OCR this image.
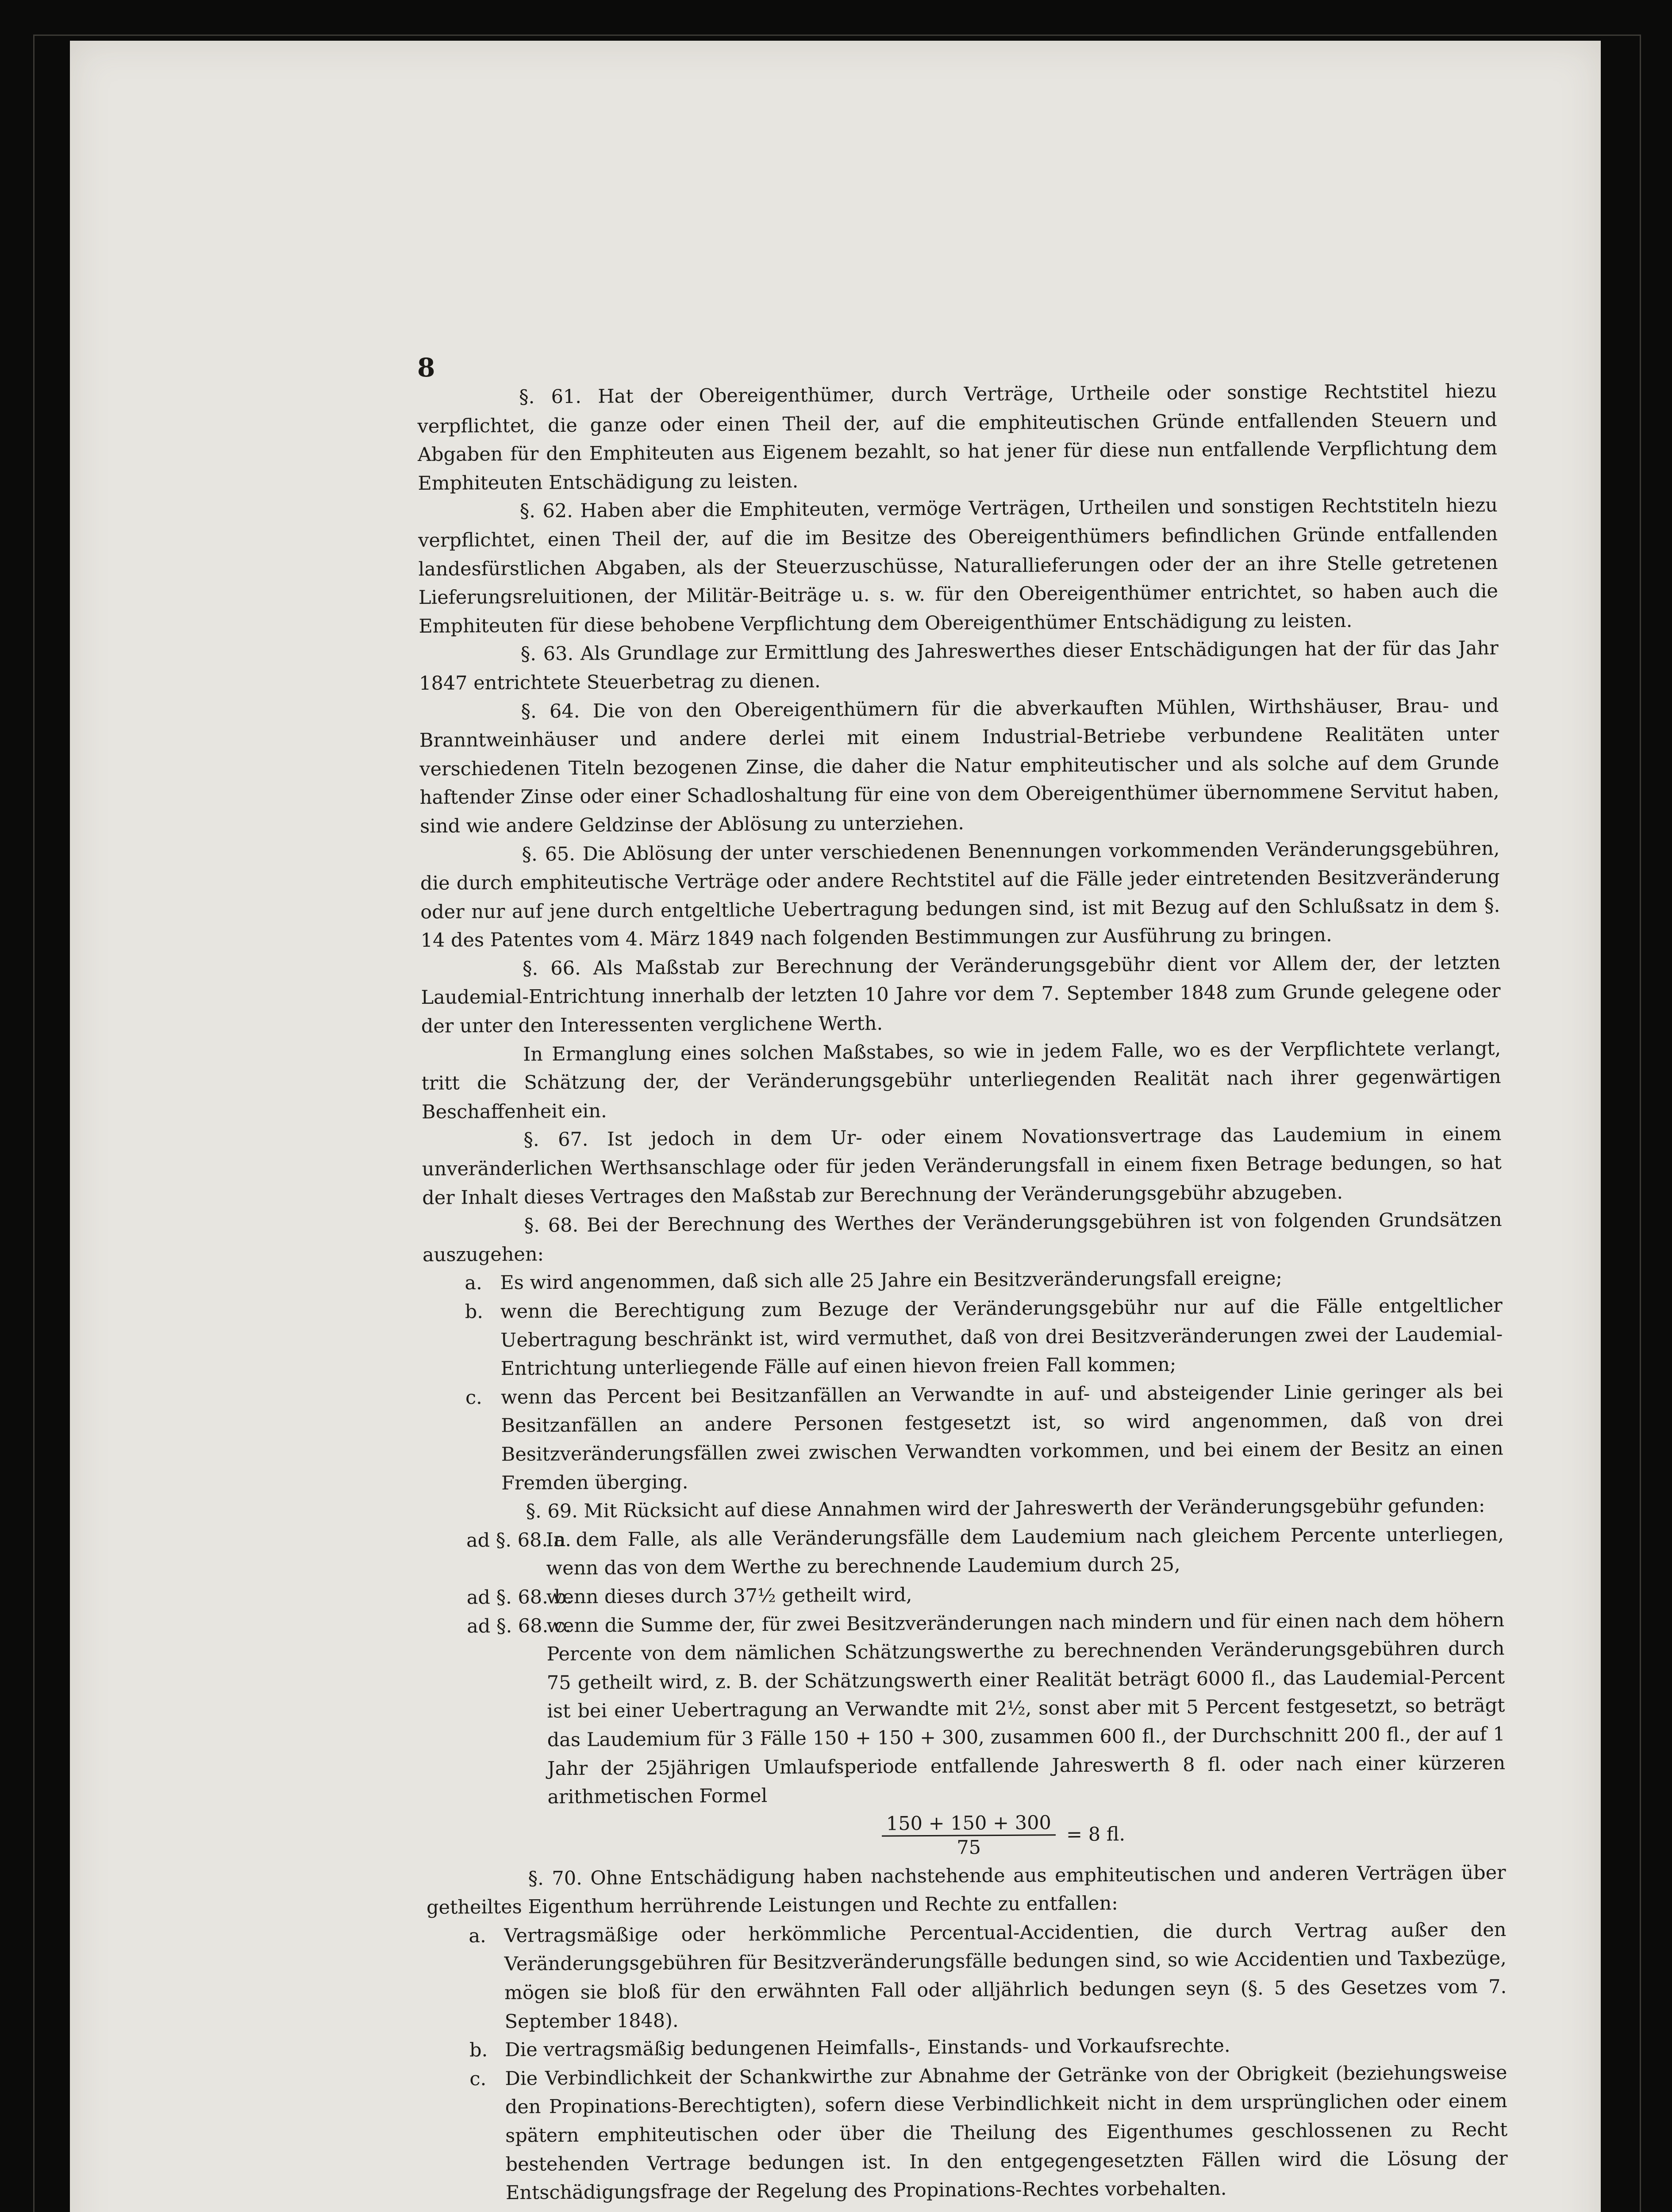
8

§. 61. Hat der Obereigenthümer, durch Verträge, Urtheile oder sonstige Rechtstitel hiezu verpflichtet, die ganze oder einen Theil der, auf die emphiteutischen Gründe entfallenden Steuern und Abgaben für den Emphiteuten aus Eigenem bezahlt, so hat jener für diese nun entfallende Verpflichtung dem Emphiteuten Entschädigung zu leisten.

§. 62. Haben aber die Emphiteuten, vermöge Verträgen, Urtheilen und sonstigen Rechtstiteln hiezu verpflichtet, einen Theil der, auf die im Besitze des Obereigenthümers befindlichen Gründe entfallenden landesfürstlichen Abgaben, als der Steuerzuschüsse, Naturallieferungen oder der an ihre Stelle getretenen Lieferungsreluitionen, der Militär-Beiträge u. s. w. für den Obereigenthümer entrichtet, so haben auch die Emphiteuten für diese behobene Verpflichtung dem Obereigenthümer Entschädigung zu leisten.

§. 63. Als Grundlage zur Ermittlung des Jahreswerthes dieser Entschädigungen hat der für das Jahr 1847 entrichtete Steuerbetrag zu dienen.

§. 64. Die von den Obereigenthümern für die abverkauften Mühlen, Wirthshäuser, Brau- und Branntweinhäuser und andere derlei mit einem Industrial-Betriebe verbundene Realitäten unter verschiedenen Titeln bezogenen Zinse, die daher die Natur emphiteutischer und als solche auf dem Grunde haftender Zinse oder einer Schadloshaltung für eine von dem Obereigenthümer übernommene Servitut haben, sind wie andere Geldzinse der Ablösung zu unterziehen.

§. 65. Die Ablösung der unter verschiedenen Benennungen vorkommenden Veränderungsgebühren, die durch emphiteutische Verträge oder andere Rechtstitel auf die Fälle jeder eintretenden Besitzveränderung oder nur auf jene durch entgeltliche Uebertragung bedungen sind, ist mit Bezug auf den Schlußsatz in dem §. 14 des Patentes vom 4. März 1849 nach folgenden Bestimmungen zur Ausführung zu bringen.

§. 66. Als Maßstab zur Berechnung der Veränderungsgebühr dient vor Allem der, der letzten Laudemial-Entrichtung innerhalb der letzten 10 Jahre vor dem 7. September 1848 zum Grunde gelegene oder der unter den Interessenten verglichene Werth.

In Ermanglung eines solchen Maßstabes, so wie in jedem Falle, wo es der Verpflichtete verlangt, tritt die Schätzung der, der Veränderungsgebühr unterliegenden Realität nach ihrer gegenwärtigen Beschaffenheit ein.

§. 67. Ist jedoch in dem Ur- oder einem Novationsvertrage das Laudemium in einem unveränderlichen Werthsanschlage oder für jeden Veränderungsfall in einem fixen Betrage bedungen, so hat der Inhalt dieses Vertrages den Maßstab zur Berechnung der Veränderungsgebühr abzugeben.

§. 68. Bei der Berechnung des Werthes der Veränderungsgebühren ist von folgenden Grundsätzen auszugehen:

a. Es wird angenommen, daß sich alle 25 Jahre ein Besitzveränderungsfall ereigne;
b. wenn die Berechtigung zum Bezuge der Veränderungsgebühr nur auf die Fälle entgeltlicher Uebertragung beschränkt ist, wird vermuthet, daß von drei Besitzveränderungen zwei der Laudemial-Entrichtung unterliegende Fälle auf einen hievon freien Fall kommen;
c. wenn das Percent bei Besitzanfällen an Verwandte in auf- und absteigender Linie geringer als bei Besitzanfällen an andere Personen festgesetzt ist, so wird angenommen, daß von drei Besitzveränderungsfällen zwei zwischen Verwandten vorkommen, und bei einem der Besitz an einen Fremden überging.

§. 69. Mit Rücksicht auf diese Annahmen wird der Jahreswerth der Veränderungsgebühr gefunden:

ad §. 68. a.
In dem Falle, als alle Veränderungsfälle dem Laudemium nach gleichem Percente unterliegen, wenn das von dem Werthe zu berechnende Laudemium durch 25,
ad §. 68. b.
wenn dieses durch 37½ getheilt wird,
ad §. 68. c.
wenn die Summe der, für zwei Besitzveränderungen nach mindern und für einen nach dem höhern Percente von dem nämlichen Schätzungswerthe zu berechnenden Veränderungsgebühren durch 75 getheilt wird, z. B. der Schätzungswerth einer Realität beträgt 6000 fl., das Laudemial-Percent ist bei einer Uebertragung an Verwandte mit 2½, sonst aber mit 5 Percent festgesetzt, so beträgt das Laudemium für 3 Fälle 150 + 150 + 300, zusammen 600 fl., der Durchschnitt 200 fl., der auf 1 Jahr der 25jährigen Umlaufsperiode entfallende Jahreswerth 8 fl. oder nach einer kürzeren arithmetischen Formel
$\frac{150 + 150 + 300}{75} = 8$ fl.

§. 70. Ohne Entschädigung haben nachstehende aus emphiteutischen und anderen Verträgen über getheiltes Eigenthum herrührende Leistungen und Rechte zu entfallen:

a. Vertragsmäßige oder herkömmliche Percentual-Accidentien, die durch Vertrag außer den Veränderungsgebühren für Besitzveränderungsfälle bedungen sind, so wie Accidentien und Taxbezüge, mögen sie bloß für den erwähnten Fall oder alljährlich bedungen seyn (§. 5 des Gesetzes vom 7. September 1848).
b. Die vertragsmäßig bedungenen Heimfalls-, Einstands- und Vorkaufsrechte.
c. Die Verbindlichkeit der Schankwirthe zur Abnahme der Getränke von der Obrigkeit (beziehungsweise den Propinations-Berechtigten), sofern diese Verbindlichkeit nicht in dem ursprünglichen oder einem spätern emphiteutischen oder über die Theilung des Eigenthumes geschlossenen zu Recht bestehenden Vertrage bedungen ist. In den entgegengesetzten Fällen wird die Lösung der Entschädigungsfrage der Regelung des Propinations-Rechtes vorbehalten.
